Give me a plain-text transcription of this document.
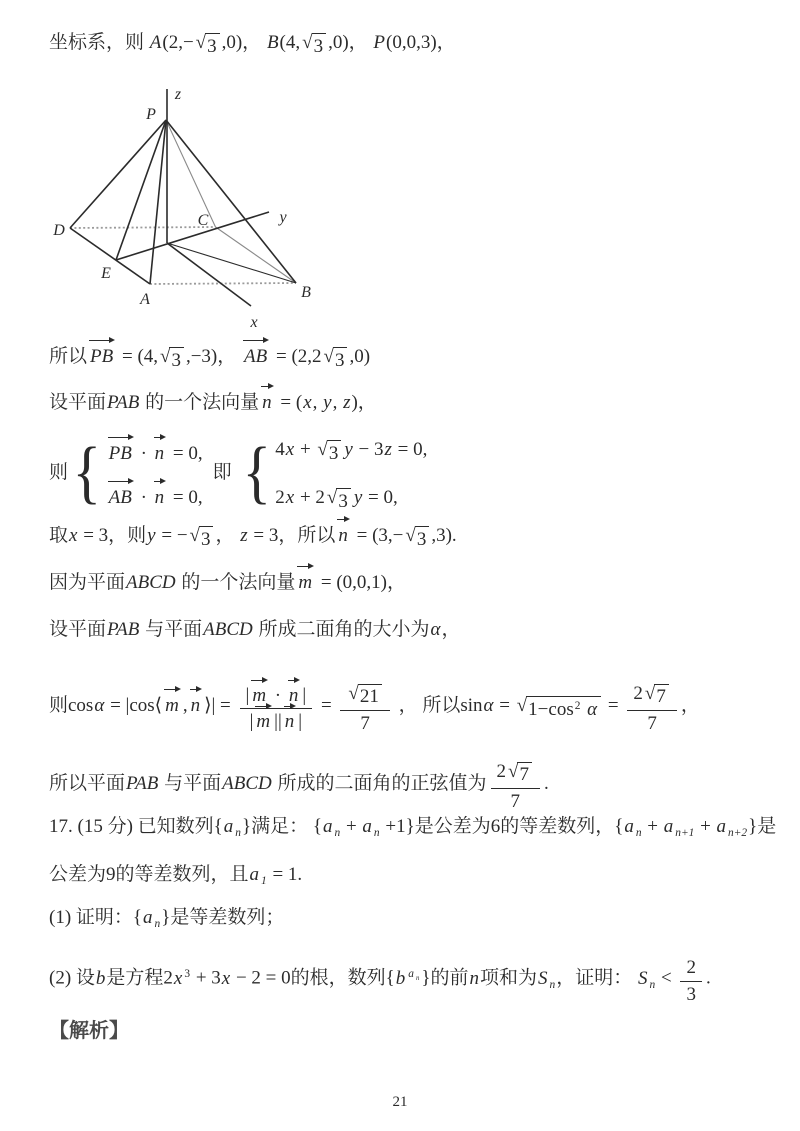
坐标系，则 A(2,− √ 3 ,0)， B(4, √ 3 ,0)， P(0,0,3)，
P
z
D
E
A	B
C	y
x
所以 PB = (4, √ 3 ,−3)， AB = (2,2 √ 3 ,0)
设平面PAB 的一个法向量 n = (x, y, z)，
则 { PB · n = 0,
AB · n = 0,
即 { 4x + √ 3 y − 3z = 0,
2x + 2 √ 3 y = 0,
取x = 3，则y = − √ 3 ， z = 3，所以 n = (3,− √ 3 ,3).
因为平面ABCD 的一个法向量 m = (0,0,1)，
设平面PAB 与平面ABCD 所成二面角的大小为α，
则cosα = |cos⟨ m , n ⟩| = $\frac{| m \cdot n |}{| m || n |} = \frac{√ 21}{7}$ ， 所以sinα = √ $1-\cos^2$ $\alpha = \frac{2 √ 7}{7}$ ，
所以平面PAB 与平面ABCD 所成的二面角的正弦值为 $\frac{2 √ 7}{7}$ .
17. (15 分) 已知数列{a $_n$}满足： {a $_n$ + a $_n$ +1}是公差为6的等差数列，{a $_n$ + a $_{n+1}$ + a $_{n+2}$}是
公差为9的等差数列，且a $_1$ = 1.
(1) 证明：{a $_n$}是等差数列；
(2) 设b是方程2x $^3$ + 3x − 2 = 0的根，数列{b $^{a _n}$ }的前n项和为S $_n$，证明： S $_n < \frac{2}{3}$ .
【解析】
21
